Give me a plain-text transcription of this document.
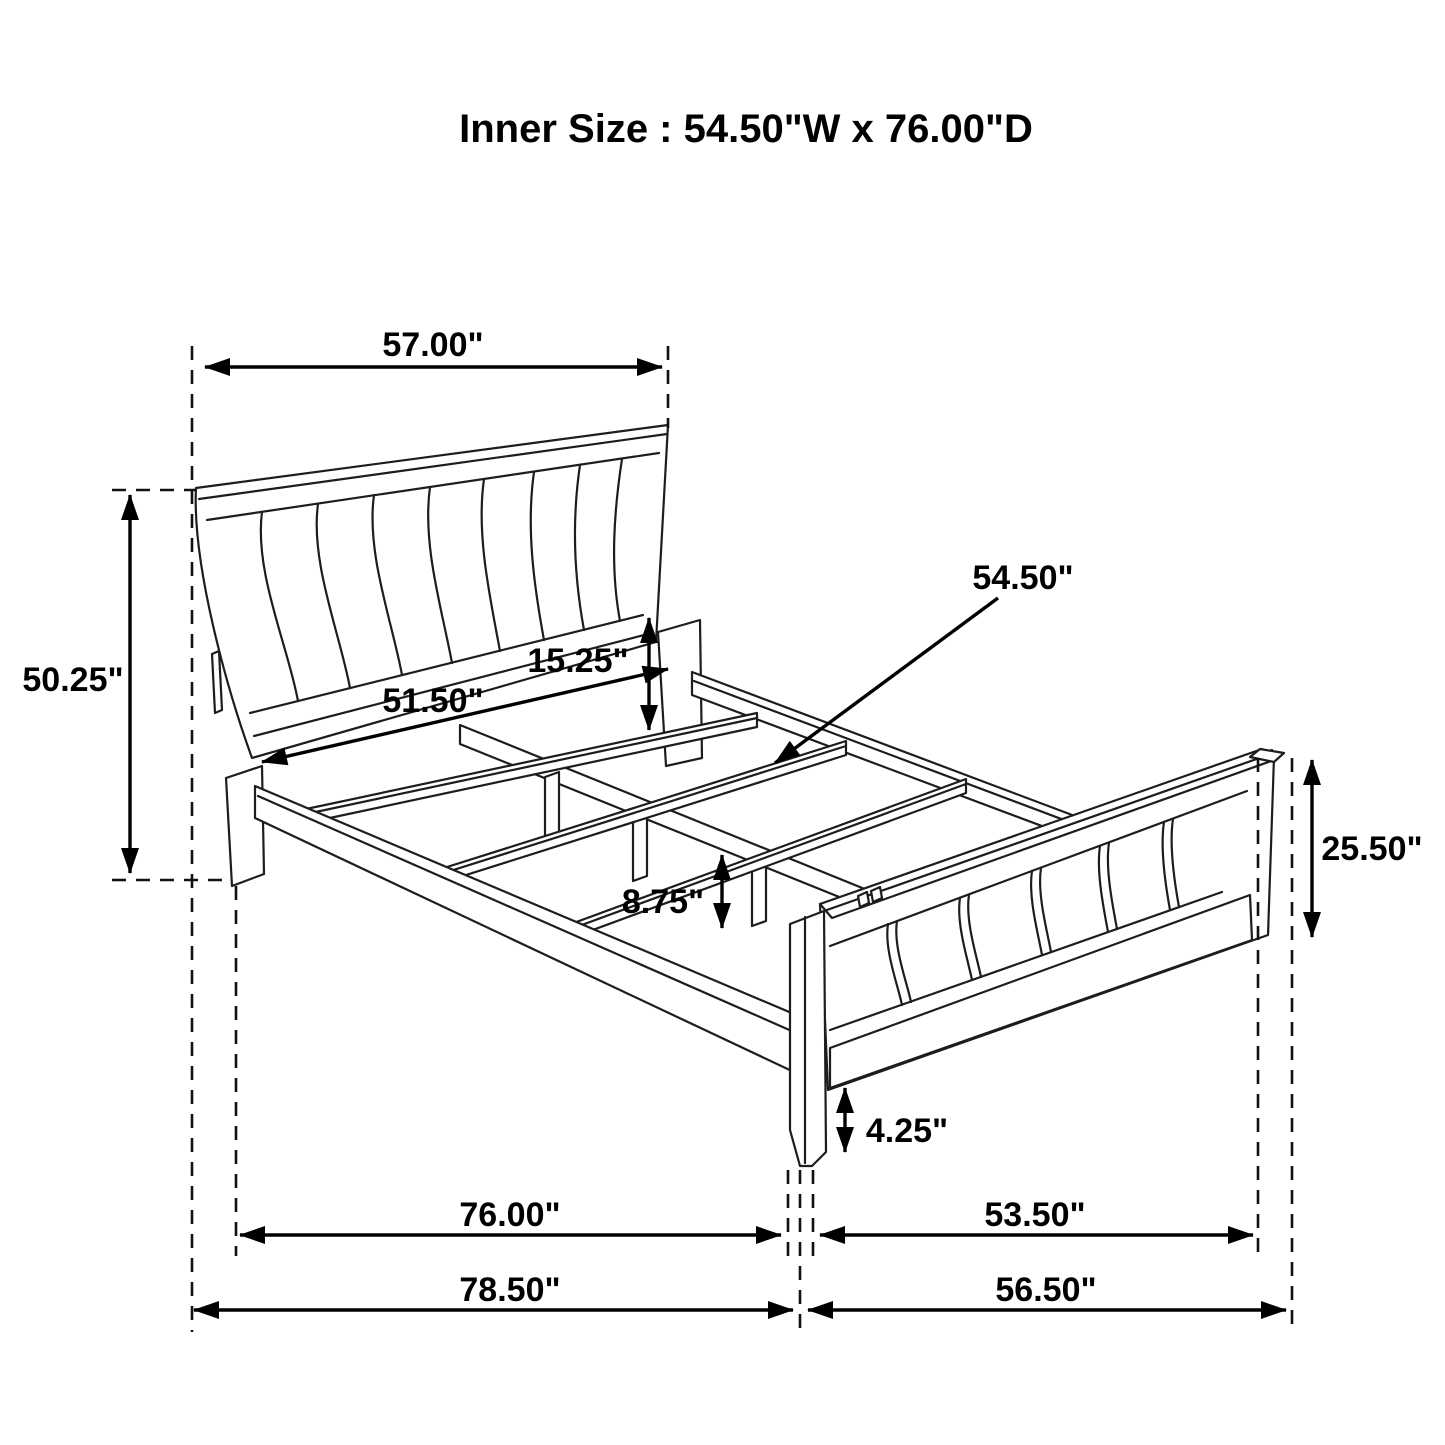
Inner Size : 54.50"W x 76.00"D
57.00"
50.25"	15.25"
51.50"
54.50"
25.50"
8.75"
4.25"
76.00"	53.50"
78.50"	56.50"
